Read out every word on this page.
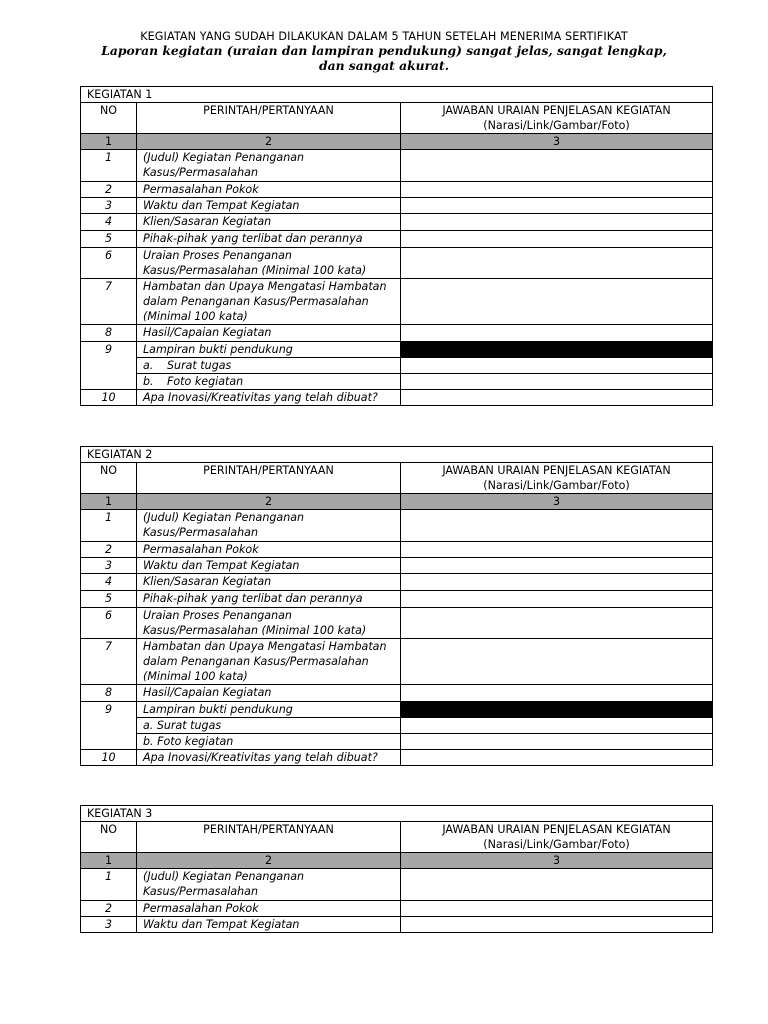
KEGIATAN YANG SUDAH DILAKUKAN DALAM 5 TAHUN SETELAH MENERIMA SERTIFIKAT
Laporan kegiatan (uraian dan lampiran pendukung) sangat jelas, sangat lengkap,
dan sangat akurat.
KEGIATAN 1		
NO	PERINTAH/PERTANYAAN	JAWABAN URAIAN PENJELASAN KEGIATAN
(Narasi/Link/Gambar/Foto)

1	2	3
1	(Judul) Kegiatan Penanganan
Kasus/Permasalahan	

2	Permasalahan Pokok	
3	Waktu dan Tempat Kegiatan	
4	Klien/Sasaran Kegiatan	
5	Pihak-pihak yang terlibat dan perannya	
6	Uraian Proses Penanganan
Kasus/Permasalahan (Minimal 100 kata)	

7	Hambatan dan Upaya Mengatasi Hambatan
dalam Penanganan Kasus/Permasalahan
(Minimal 100 kata)	

8	Hasil/Capaian Kegiatan	
9	Lampiran bukti pendukung	
	a. Surat tugas	
	b. Foto kegiatan	
10	Apa Inovasi/Kreativitas yang telah dibuat?	
KEGIATAN 2		
NO	PERINTAH/PERTANYAAN	JAWABAN URAIAN PENJELASAN KEGIATAN
(Narasi/Link/Gambar/Foto)

1	2	3
1	(Judul) Kegiatan Penanganan
Kasus/Permasalahan	

2	Permasalahan Pokok	
3	Waktu dan Tempat Kegiatan	
4	Klien/Sasaran Kegiatan	
5	Pihak-pihak yang terlibat dan perannya	
6	Uraian Proses Penanganan
Kasus/Permasalahan (Minimal 100 kata)	

7	Hambatan dan Upaya Mengatasi Hambatan
dalam Penanganan Kasus/Permasalahan
(Minimal 100 kata)	

8	Hasil/Capaian Kegiatan	
9	Lampiran bukti pendukung	
	a. Surat tugas	
	b. Foto kegiatan	
10	Apa Inovasi/Kreativitas yang telah dibuat?	
KEGIATAN 3		
NO	PERINTAH/PERTANYAAN	JAWABAN URAIAN PENJELASAN KEGIATAN
(Narasi/Link/Gambar/Foto)

1	2	3
1	(Judul) Kegiatan Penanganan
Kasus/Permasalahan	

2	Permasalahan Pokok	
3	Waktu dan Tempat Kegiatan	
